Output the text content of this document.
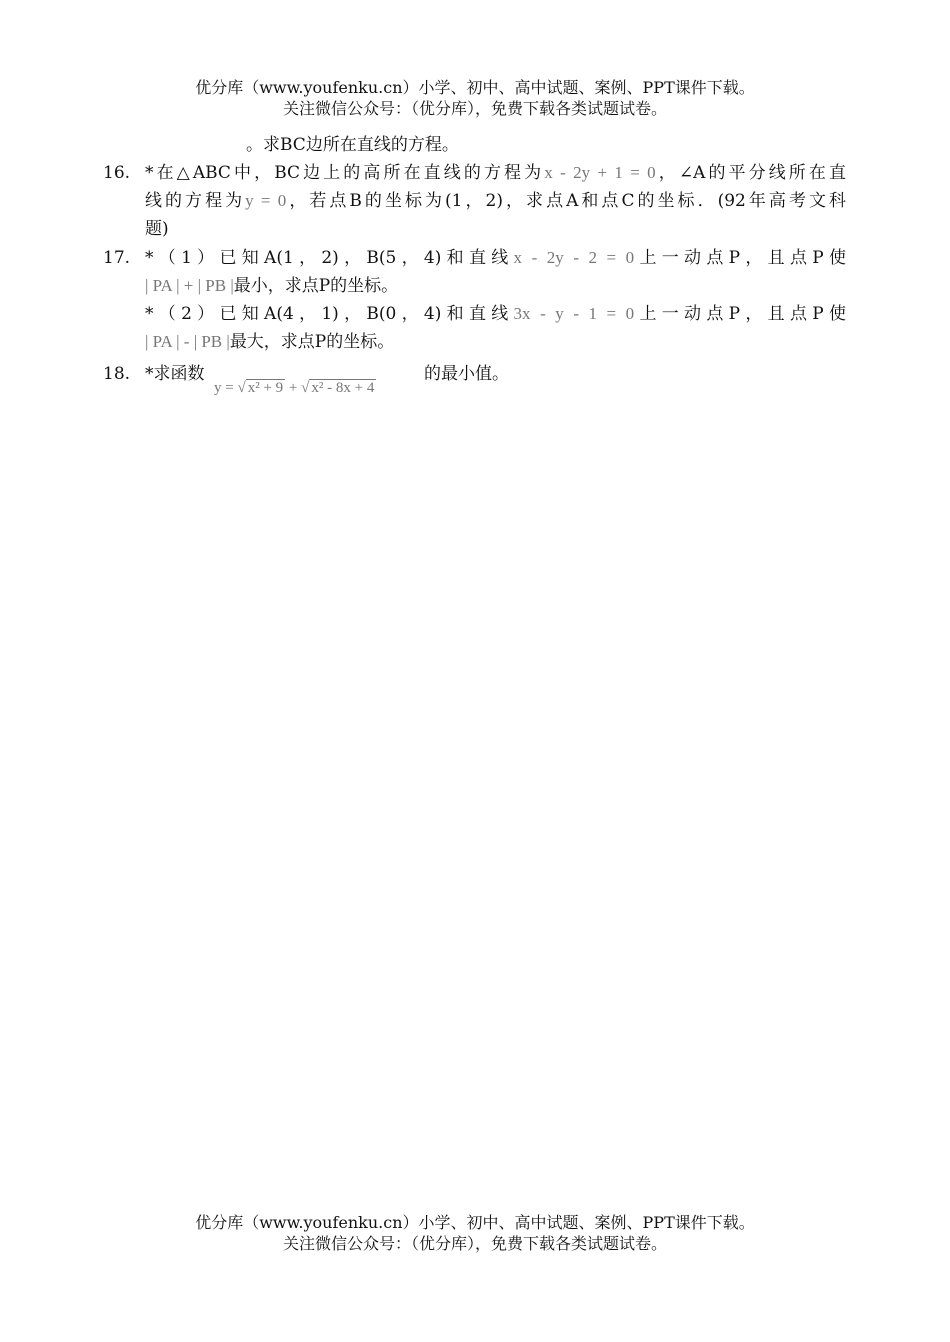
优分库（www.youfenku.cn）小学、初中、高中试题、案例、PPT课件下载。
关注微信公众号：（优分库），免费下载各类试题试卷。
。求BC边所在直线的方程。
16. *在△ABC中，BC边上的高所在直线的方程为x - 2y + 1 = 0，∠A的平分线所在直
线的方程为y = 0，若点B的坐标为(1，2)，求点A和点C的坐标．(92年高考文科
题)
17. *（1）已知A(1，2)，B(5，4)和直线x - 2y - 2 = 0上一动点P，且点P使
| PA | + | PB |最小，求点P的坐标。
*（2）已知A(4，1)，B(0，4)和直线3x - y - 1 = 0上一动点P，且点P使
| PA | - | PB |最大，求点P的坐标。
18. *求函数
y = √ x² + 9 + √ x² - 8x + 4
的最小值。
优分库（www.youfenku.cn）小学、初中、高中试题、案例、PPT课件下载。
关注微信公众号：（优分库），免费下载各类试题试卷。
